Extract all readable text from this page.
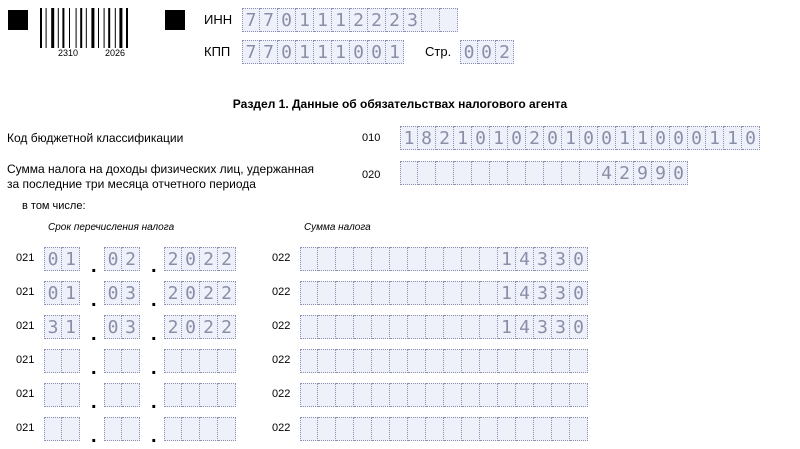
2310	2026
ИНН 7 7 0 1 1 1 2 2 2 3
КПП 7 7 0 1 1 1 0 0 1	Стр. 0 0 2
Раздел 1. Данные об обязательствах налогового агента
Код бюджетной классификации	010 1 8 2 1 0 1 0 2 0 1 0 0 1 1 0 0 0 1 1 0
Сумма налога на доходы физических лиц, удержанная
за последние три месяца отчетного периода
020	4 2 9 9 0
в том числе:
Срок перечисления налога	Сумма налога
021 0 1 . 0 2 . 2 0 2 2	022	1 4 3 3 0
021 0 1 . 0 3 . 2 0 2 2	022	1 4 3 3 0
021 3 1 . 0 3 . 2 0 2 2	022	1 4 3 3 0
021	.	.	022
021	.	.	022
021	.	.	022
